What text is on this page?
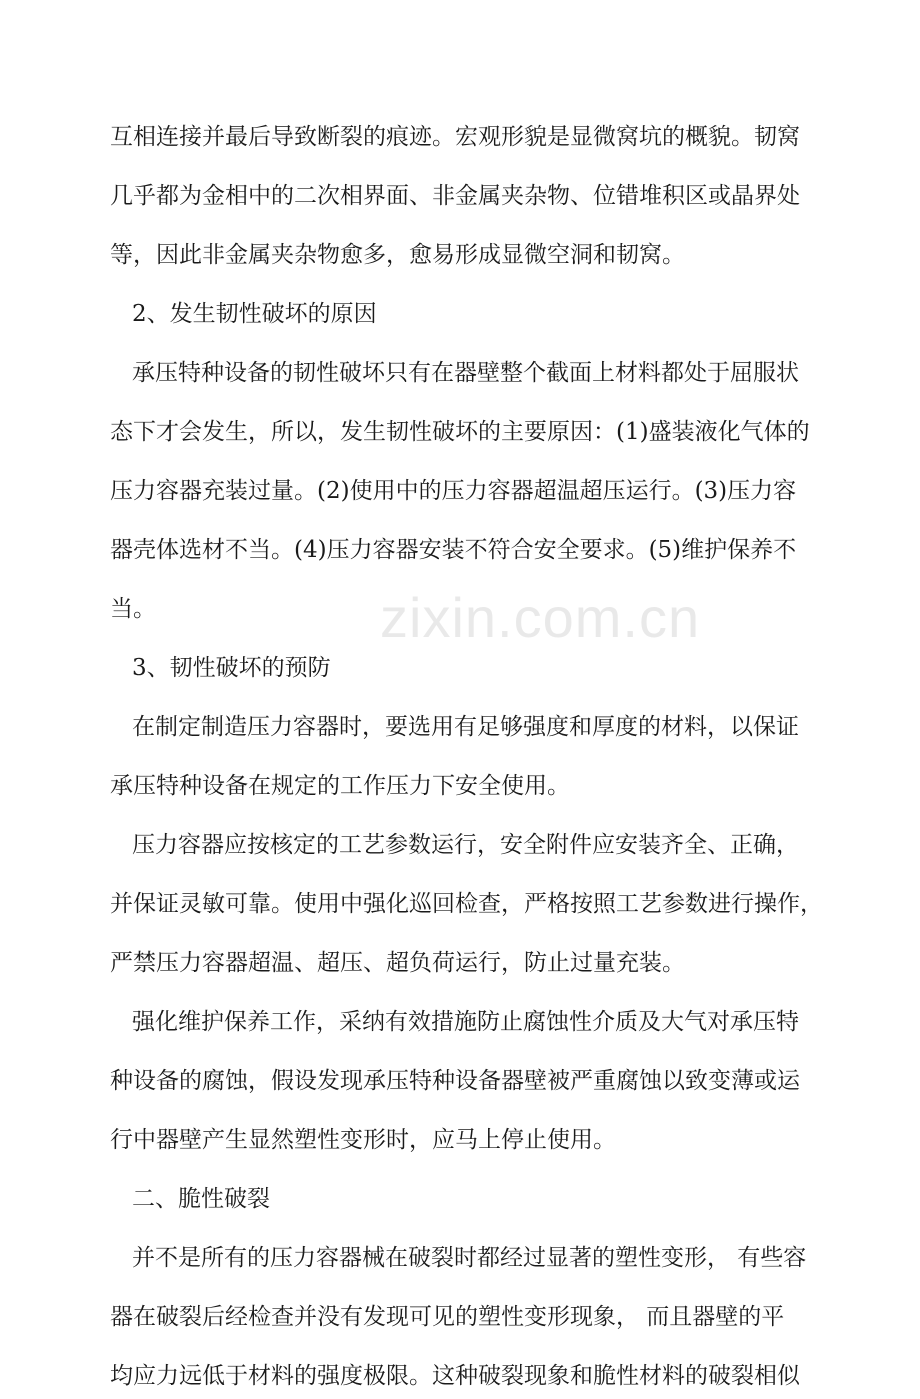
互相连接并最后导致断裂的痕迹。宏观形貌是显微窝坑的概貌。韧窝
几乎都为金相中的二次相界面、非金属夹杂物、位错堆积区或晶界处
等，因此非金属夹杂物愈多，愈易形成显微空洞和韧窝。
2、发生韧性破坏的原因
承压特种设备的韧性破坏只有在器壁整个截面上材料都处于屈服状
态下才会发生，所以，发生韧性破坏的主要原因：(1)盛装液化气体的
压力容器充装过量。(2)使用中的压力容器超温超压运行。(3)压力容
器壳体选材不当。(4)压力容器安装不符合安全要求。(5)维护保养不
当。
3、韧性破坏的预防
在制定制造压力容器时，要选用有足够强度和厚度的材料，以保证
承压特种设备在规定的工作压力下安全使用。
压力容器应按核定的工艺参数运行，安全附件应安装齐全、正确，
并保证灵敏可靠。使用中强化巡回检查，严格按照工艺参数进行操作，
严禁压力容器超温、超压、超负荷运行，防止过量充装。
强化维护保养工作，采纳有效措施防止腐蚀性介质及大气对承压特
种设备的腐蚀，假设发现承压特种设备器壁被严重腐蚀以致变薄或运
行中器壁产生显然塑性变形时，应马上停止使用。
二、脆性破裂
并不是所有的压力容器械在破裂时都经过显著的塑性变形， 有些容
器在破裂后经检查并没有发现可见的塑性变形现象， 而且器壁的平
均应力远低于材料的强度极限。这种破裂现象和脆性材料的破裂相似
zixin.com.cn
